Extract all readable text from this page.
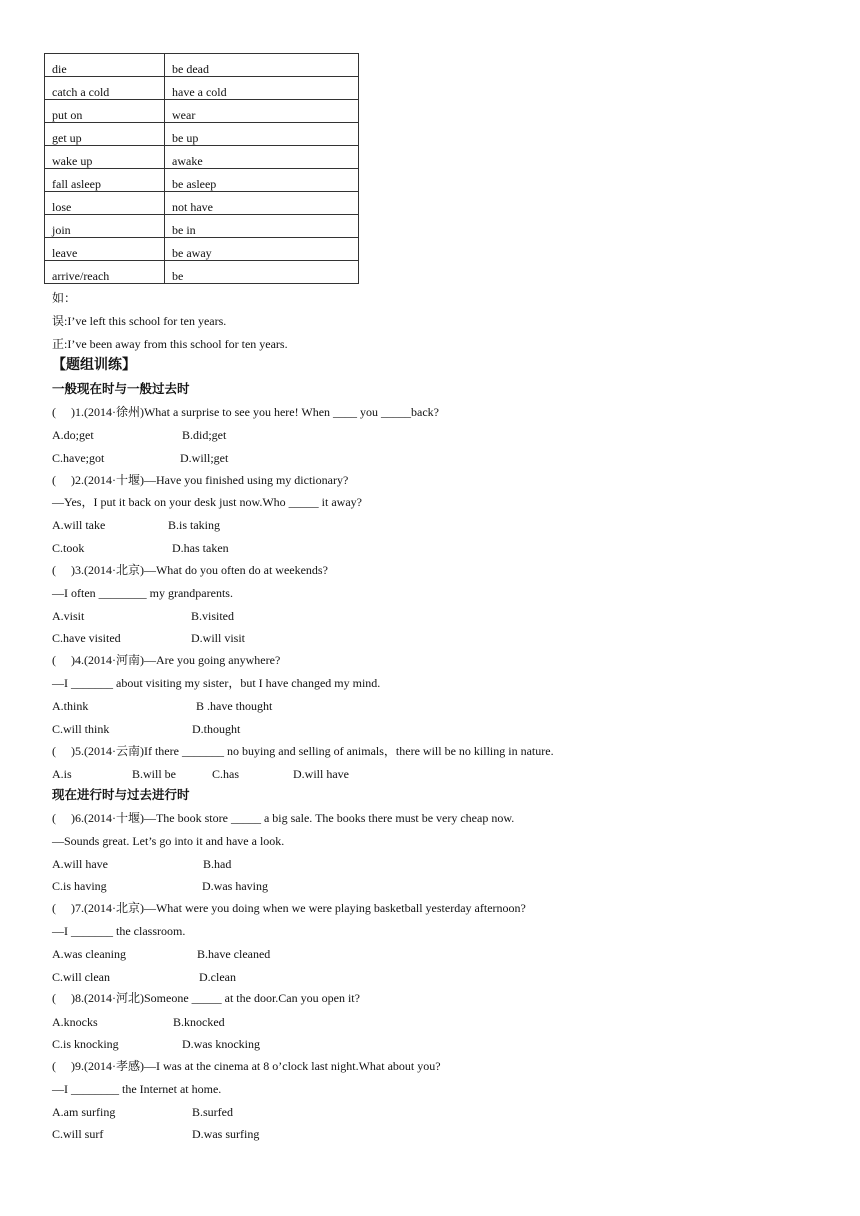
die	be dead
catch a cold	have a cold
put on	wear
get up	be up
wake up	awake
fall asleep	be asleep
lose	not have
join	be in
leave	be away
arrive/reach	be
如：
误:I’ve left this school for ten years.
正:I’ve been away from this school for ten years.
【题组训练】
一般现在时与一般过去时
(     )1.(2014·徐州)What a surprise to see you here! When ____ you _____back?
A.do;get	B.did;get
C.have;got	D.will;get
(     )2.(2014·十堰)—Have you finished using my dictionary?
—Yes，I put it back on your desk just now.Who _____ it away?
A.will take	B.is taking
C.took	D.has taken
(     )3.(2014·北京)—What do you often do at weekends?
—I often ________ my grandparents.
A.visit	B.visited
C.have visited	D.will visit
(     )4.(2014·河南)—Are you going anywhere?
—I _______ about visiting my sister，but I have changed my mind.
A.think	B .have thought
C.will think	D.thought
(     )5.(2014·云南)If there _______ no buying and selling of animals，there will be no killing in nature.
A.is	B.will be	C.has	D.will have
现在进行时与过去进行时
(     )6.(2014·十堰)—The book store _____ a big sale. The books there must be very cheap now.
—Sounds great. Let’s go into it and have a look.
A.will have	B.had
C.is having	D.was having
(     )7.(2014·北京)—What were you doing when we were playing basketball yesterday afternoon?
—I _______ the classroom.
A.was cleaning	B.have cleaned
C.will clean	D.clean
(     )8.(2014·河北)Someone _____ at the door.Can you open it?
A.knocks	B.knocked
C.is knocking	D.was knocking
(     )9.(2014·孝感)—I was at the cinema at 8 o’clock last night.What about you?
—I ________ the Internet at home.
A.am surfing	B.surfed
C.will surf	D.was surfing
